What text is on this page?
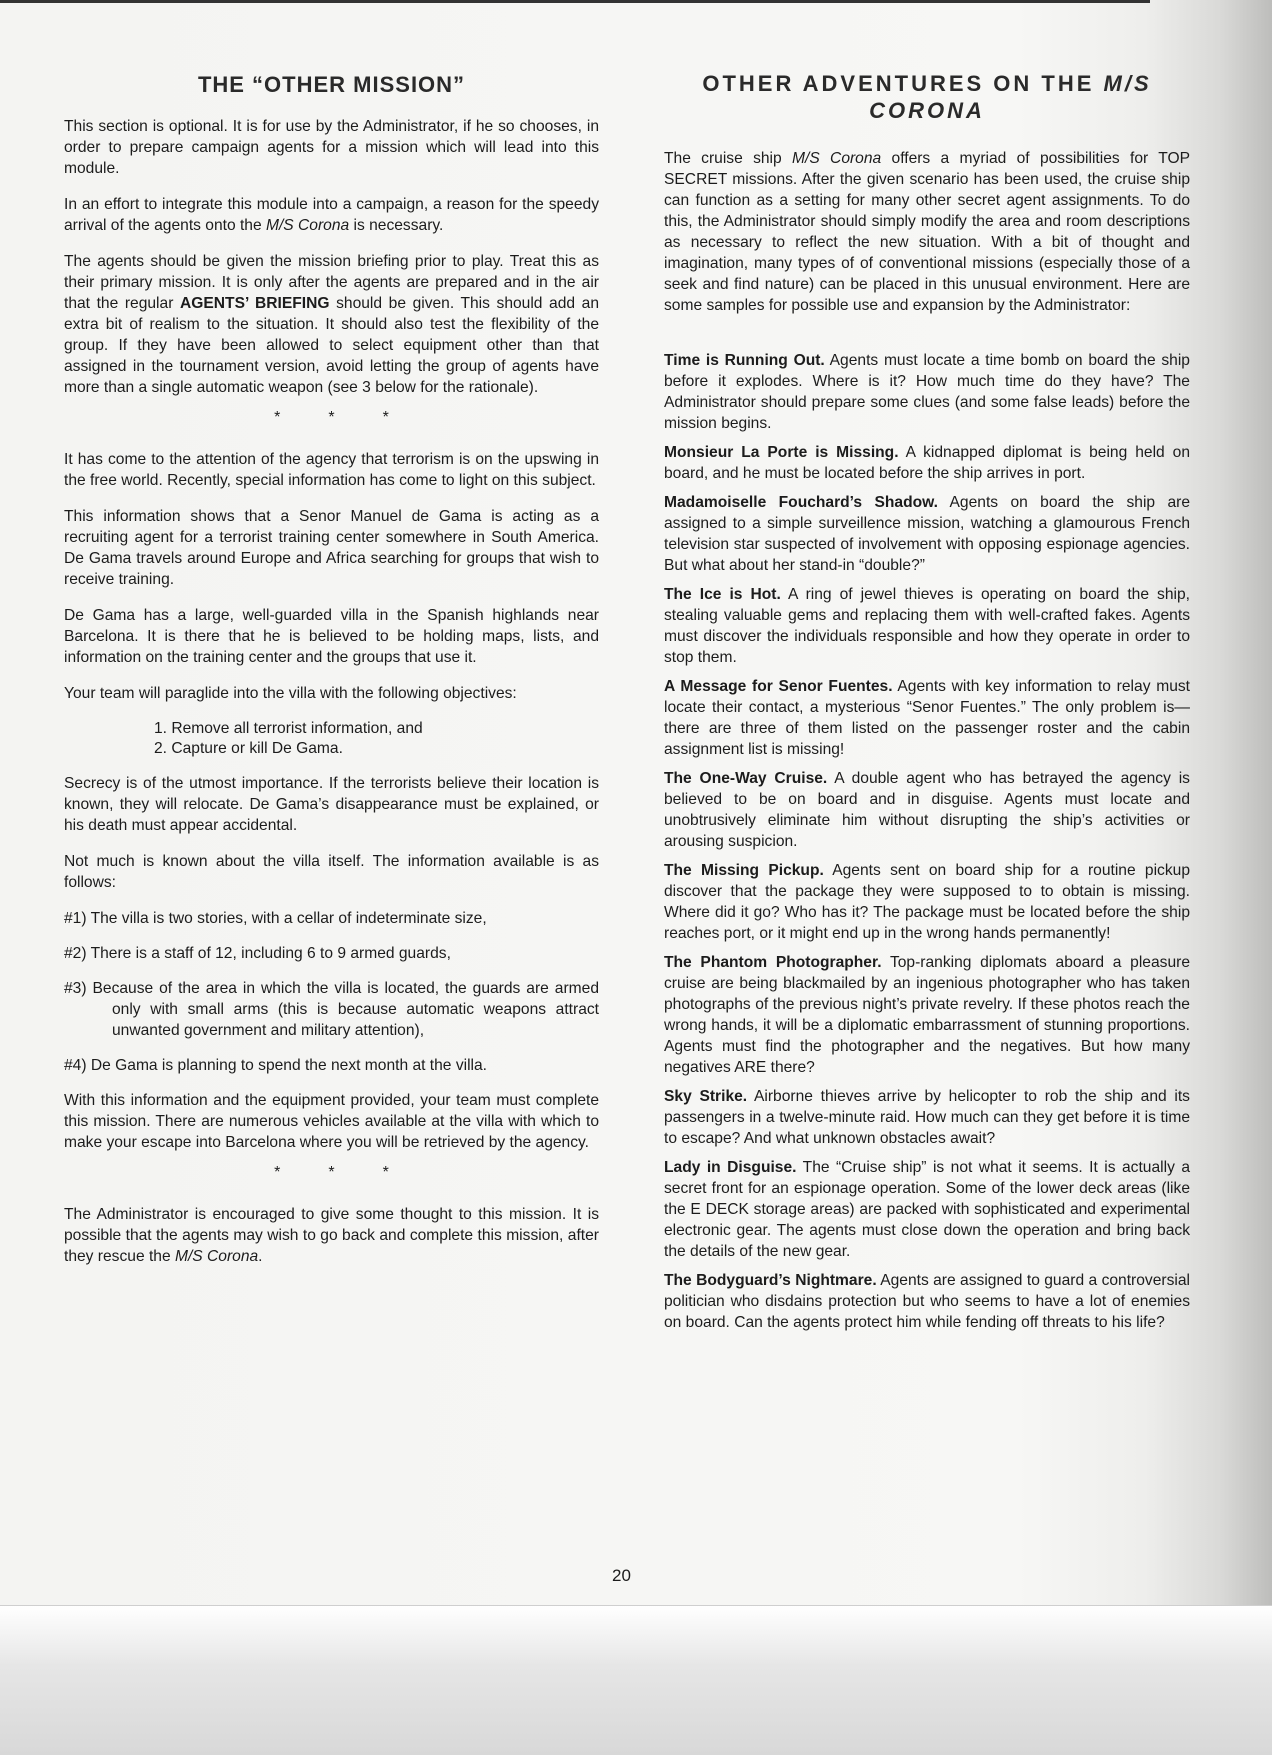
THE “OTHER MISSION”

This section is optional. It is for use by the Administrator, if he so chooses, in order to prepare campaign agents for a mission which will lead into this module.

In an effort to integrate this module into a campaign, a reason for the speedy arrival of the agents onto the M/S Corona is necessary.

The agents should be given the mission briefing prior to play. Treat this as their primary mission. It is only after the agents are prepared and in the air that the regular AGENTS’ BRIEFING should be given. This should add an extra bit of realism to the situation. It should also test the flexibility of the group. If they have been allowed to select equipment other than that assigned in the tournament version, avoid letting the group of agents have more than a single automatic weapon (see 3 below for the rationale).

*	*	*

It has come to the attention of the agency that terrorism is on the upswing in the free world. Recently, special information has come to light on this subject.

This information shows that a Senor Manuel de Gama is acting as a recruiting agent for a terrorist training center somewhere in South America. De Gama travels around Europe and Africa searching for groups that wish to receive training.

De Gama has a large, well-guarded villa in the Spanish highlands near Barcelona. It is there that he is believed to be holding maps, lists, and information on the training center and the groups that use it.

Your team will paraglide into the villa with the following objectives:

1. Remove all terrorist information, and
2. Capture or kill De Gama.

Secrecy is of the utmost importance. If the terrorists believe their location is known, they will relocate. De Gama’s disappearance must be explained, or his death must appear accidental.

Not much is known about the villa itself. The information available is as follows:

#1) The villa is two stories, with a cellar of indeterminate size,

#2) There is a staff of 12, including 6 to 9 armed guards,

#3) Because of the area in which the villa is located, the guards are armed only with small arms (this is because automatic weapons attract unwanted government and military attention),

#4) De Gama is planning to spend the next month at the villa.

With this information and the equipment provided, your team must complete this mission. There are numerous vehicles available at the villa with which to make your escape into Barcelona where you will be retrieved by the agency.

*	*	*

The Administrator is encouraged to give some thought to this mission. It is possible that the agents may wish to go back and complete this mission, after they rescue the M/S Corona.

OTHER ADVENTURES ON THE M/S CORONA

The cruise ship M/S Corona offers a myriad of possibilities for TOP SECRET missions. After the given scenario has been used, the cruise ship can function as a setting for many other secret agent assignments. To do this, the Administrator should simply modify the area and room descriptions as necessary to reflect the new situation. With a bit of thought and imagination, many types of of conventional missions (especially those of a seek and find nature) can be placed in this unusual environment. Here are some samples for possible use and expansion by the Administrator:

Time is Running Out. Agents must locate a time bomb on board the ship before it explodes. Where is it? How much time do they have? The Administrator should prepare some clues (and some false leads) before the mission begins.

Monsieur La Porte is Missing. A kidnapped diplomat is being held on board, and he must be located before the ship arrives in port.

Madamoiselle Fouchard’s Shadow. Agents on board the ship are assigned to a simple surveillence mission, watching a glamourous French television star suspected of involvement with opposing espionage agencies. But what about her stand-in “double?”

The Ice is Hot. A ring of jewel thieves is operating on board the ship, stealing valuable gems and replacing them with well-crafted fakes. Agents must discover the individuals responsible and how they operate in order to stop them.

A Message for Senor Fuentes. Agents with key information to relay must locate their contact, a mysterious “Senor Fuentes.” The only problem is—there are three of them listed on the passenger roster and the cabin assignment list is missing!

The One-Way Cruise. A double agent who has betrayed the agency is believed to be on board and in disguise. Agents must locate and unobtrusively eliminate him without disrupting the ship’s activities or arousing suspicion.

The Missing Pickup. Agents sent on board ship for a routine pickup discover that the package they were supposed to to obtain is missing. Where did it go? Who has it? The package must be located before the ship reaches port, or it might end up in the wrong hands permanently!

The Phantom Photographer. Top-ranking diplomats aboard a pleasure cruise are being blackmailed by an ingenious photographer who has taken photographs of the previous night’s private revelry. If these photos reach the wrong hands, it will be a diplomatic embarrassment of stunning proportions. Agents must find the photographer and the negatives. But how many negatives ARE there?

Sky Strike. Airborne thieves arrive by helicopter to rob the ship and its passengers in a twelve-minute raid. How much can they get before it is time to escape? And what unknown obstacles await?

Lady in Disguise. The “Cruise ship” is not what it seems. It is actually a secret front for an espionage operation. Some of the lower deck areas (like the E DECK storage areas) are packed with sophisticated and experimental electronic gear. The agents must close down the operation and bring back the details of the new gear.

The Bodyguard’s Nightmare. Agents are assigned to guard a controversial politician who disdains protection but who seems to have a lot of enemies on board. Can the agents protect him while fending off threats to his life?

20
